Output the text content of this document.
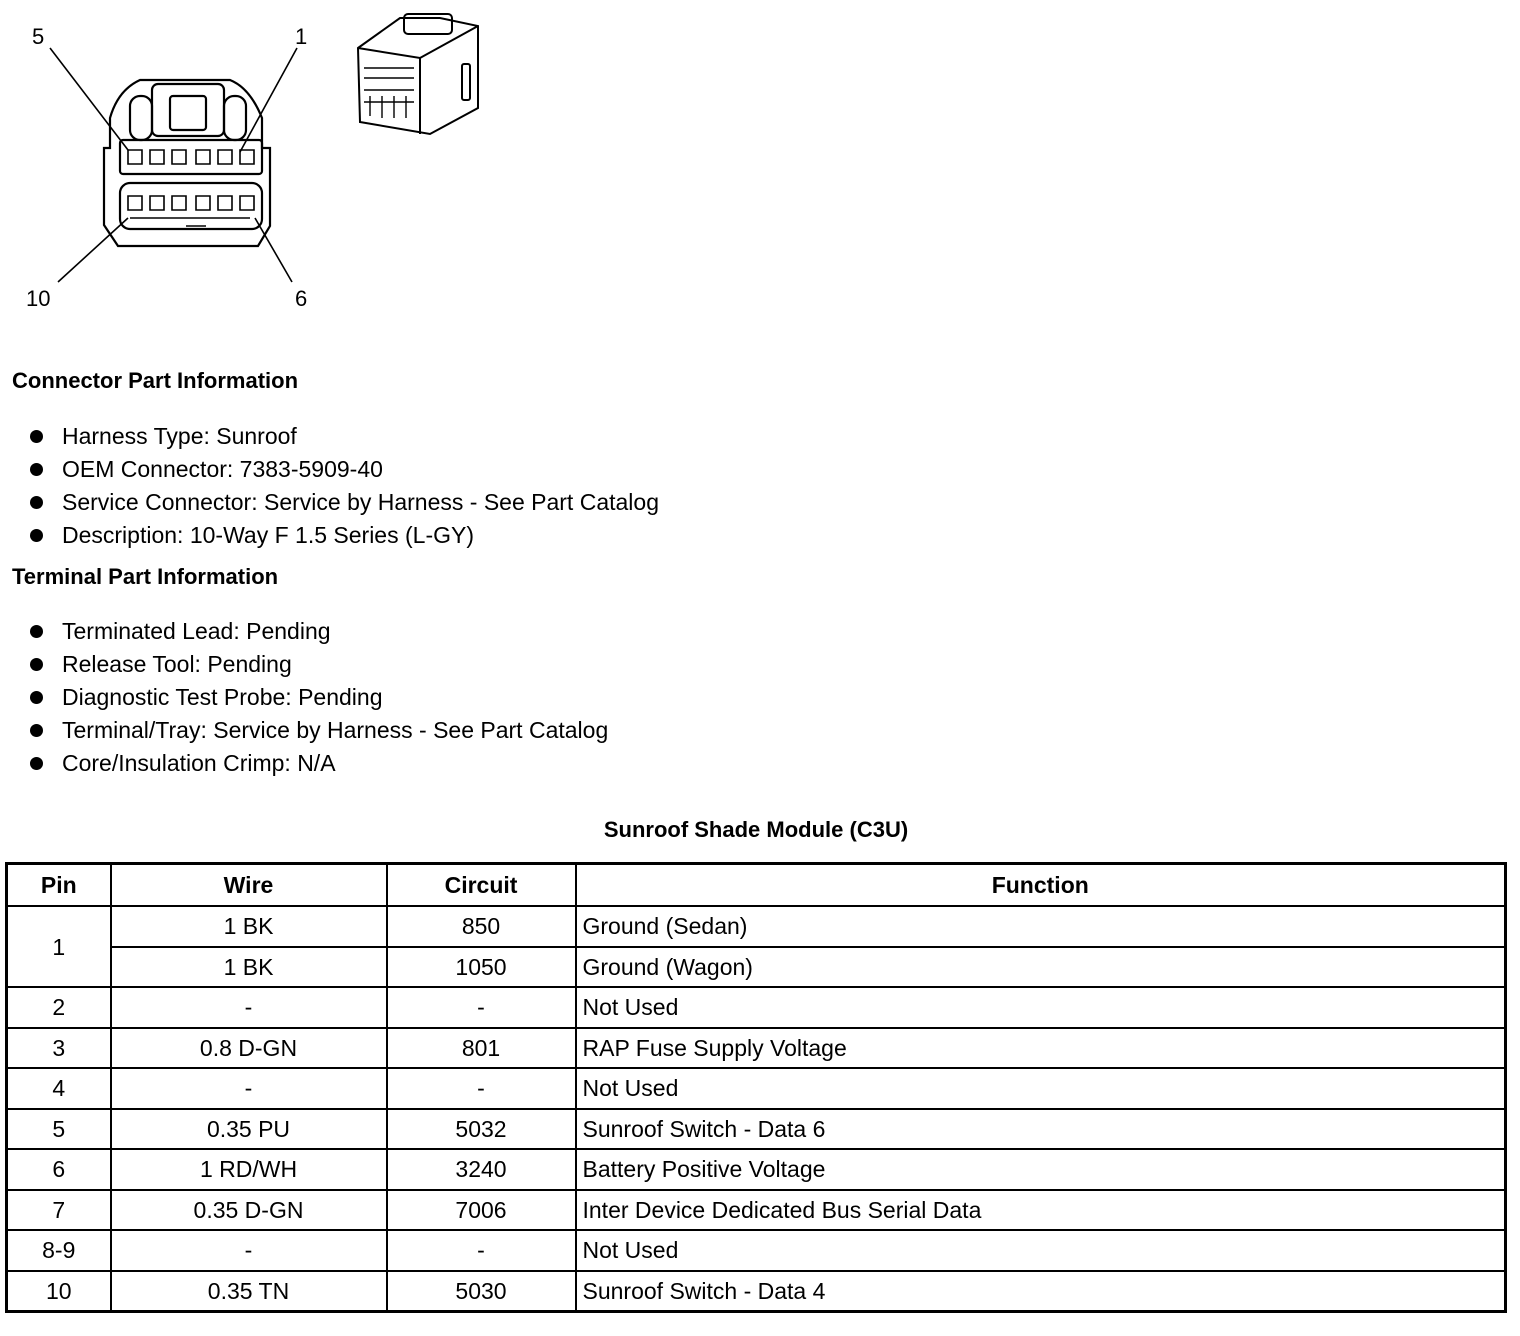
5	1
10	6
Connector Part Information
Harness Type: Sunroof
OEM Connector: 7383-5909-40
Service Connector: Service by Harness - See Part Catalog
Description: 10-Way F 1.5 Series (L-GY)
Terminal Part Information
Terminated Lead: Pending
Release Tool: Pending
Diagnostic Test Probe: Pending
Terminal/Tray: Service by Harness - See Part Catalog
Core/Insulation Crimp: N/A
Sunroof Shade Module (C3U)
Pin	Wire	Circuit	Function
1	1 BK	850	Ground (Sedan)
	1 BK	1050	Ground (Wagon)
2	-	-	Not Used
3	0.8 D-GN	801	RAP Fuse Supply Voltage
4	-	-	Not Used
5	0.35 PU	5032	Sunroof Switch - Data 6
6	1 RD/WH	3240	Battery Positive Voltage
7	0.35 D-GN	7006	Inter Device Dedicated Bus Serial Data
8-9	-	-	Not Used
10	0.35 TN	5030	Sunroof Switch - Data 4
